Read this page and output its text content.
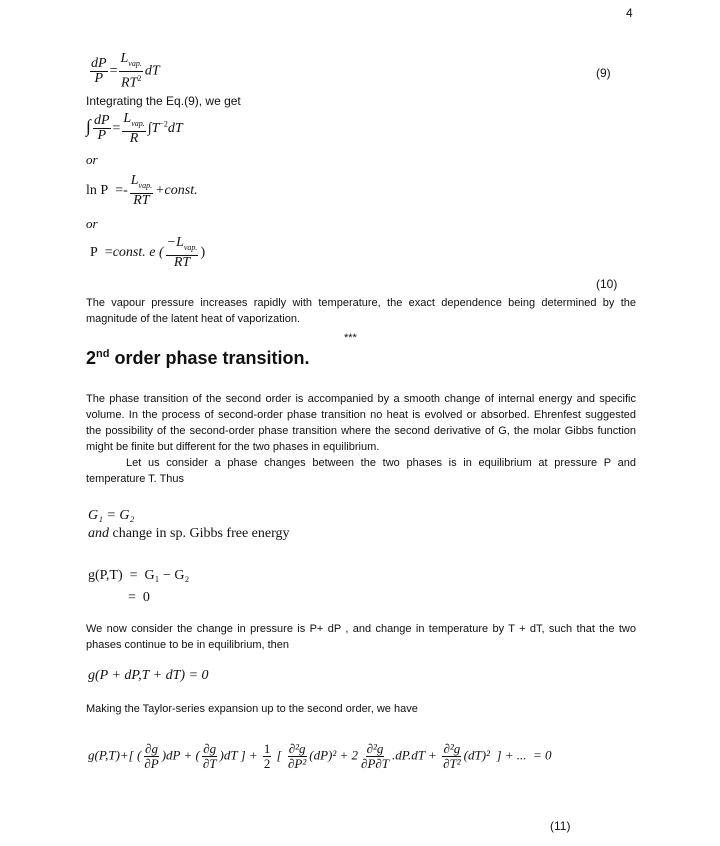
4
$\frac{dP}{P} = \frac{L_{vap.}}{RT^2}$ dT	(9)
Integrating the Eq.(9), we get
∫ $\frac{dP}{P} = \frac{L_{vap.}}{R} \int T^{-2}dT$
or
$\ln P =- \frac{L_{vap.}}{RT}$ +const.
or
P =const. e ( $\frac{-L_{vap.}}{RT}$ )
(10)
The vapour pressure increases rapidly with temperature, the exact dependence being determined by the magnitude of the latent heat of vaporization.
***
2nd order phase transition.

The phase transition of the second order is accompanied by a smooth change of internal energy and specific volume. In the process of second-order phase transition no heat is evolved or absorbed. Ehrenfest suggested the possibility of the second-order phase transition where the second derivative of G, the molar Gibbs function might be finite but different for the two phases in equilibrium.

Let us consider a phase changes between the two phases is in equilibrium at pressure P and temperature T. Thus

G₁ = G₂
and change in sp. Gibbs free energy
g(P,T)  =  G₁ − G₂
=  0
We now consider the change in pressure is P+ dP , and change in temperature by T + dT, such that the two phases continue to be in equilibrium, then
g(P + dP,T + dT) = 0
Making the Taylor-series expansion up to the second order, we have
g(P,T)+[ ( $\frac{\partial g}{\partial P} )dP$ + ( $\frac{\partial g}{\partial T} )dT$ ] + $\frac{1}{2}$ [ $\frac{\text{∂²g}}{\text{∂P²}} (dP)^2 + 2 \frac{\text{∂²g}}{\partial P\partial T} .dP.dT + \frac{\text{∂²g}}{\text{∂T²}} (dT)^2$  ] + ...  = 0
(11)
